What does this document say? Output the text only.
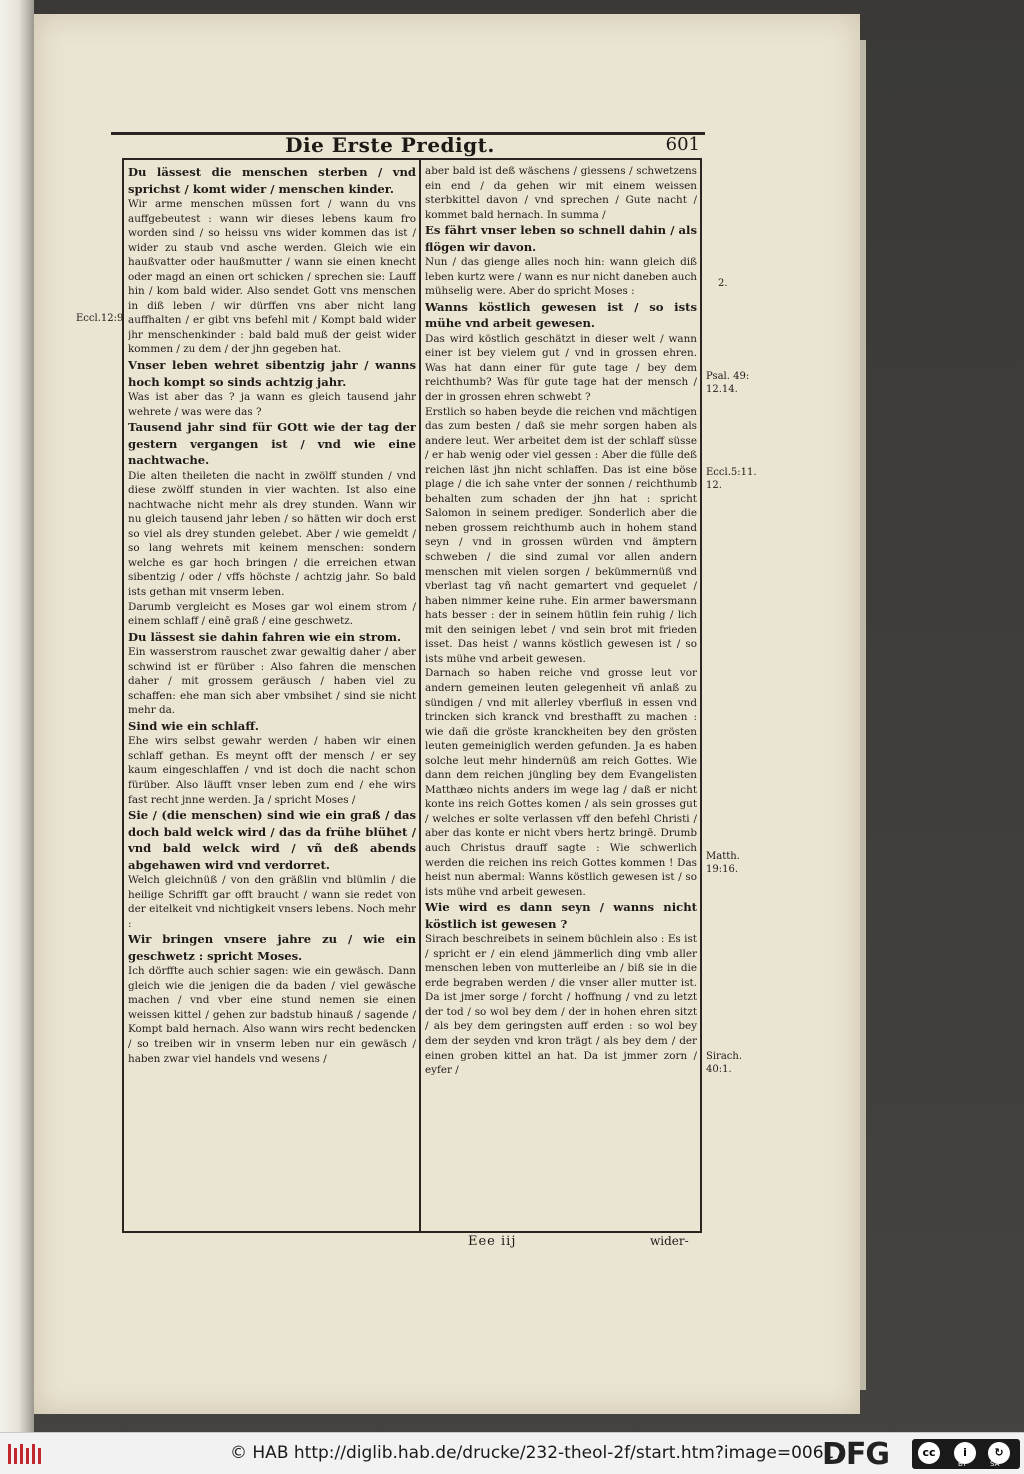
Die Erste Predigt.	601

Du lässest die menschen sterben / vnd sprichst / komt wider / menschen kinder.

Wir arme menschen müssen fort / wann du vns auffgebeutest : wann wir dieses lebens kaum fro worden sind / so heissu vns wider kommen das ist / wider zu staub vnd asche werden. Gleich wie ein haußvatter oder haußmutter / wann sie einen knecht oder magd an einen ort schicken / sprechen sie: Lauff hin / kom bald wider. Also sendet Gott vns menschen in diß leben / wir dürffen vns aber nicht lang auffhalten / er gibt vns befehl mit / Kompt bald wider jhr menschenkinder : bald bald muß der geist wider kommen / zu dem / der jhn gegeben hat.

Vnser leben wehret sibentzig jahr / wanns hoch kompt so sinds achtzig jahr.

Was ist aber das ? ja wann es gleich tausend jahr wehrete / was were das ?

Tausend jahr sind für GOtt wie der tag der gestern vergangen ist / vnd wie eine nachtwache.

Die alten theileten die nacht in zwölff stunden / vnd diese zwölff stunden in vier wachten. Ist also eine nachtwache nicht mehr als drey stunden. Wann wir nu gleich tausend jahr leben / so hätten wir doch erst so viel als drey stunden gelebet. Aber / wie gemeldt / so lang wehrets mit keinem menschen: sondern welche es gar hoch bringen / die erreichen etwan sibentzig / oder / vffs höchste / achtzig jahr. So bald ists gethan mit vnserm leben.

Darumb vergleicht es Moses gar wol einem strom / einem schlaff / einē graß / eine geschwetz.

Du lässest sie dahin fahren wie ein strom.

Ein wasserstrom rauschet zwar gewaltig daher / aber schwind ist er fürüber : Also fahren die menschen daher / mit grossem geräusch / haben viel zu schaffen: ehe man sich aber vmbsihet / sind sie nicht mehr da.

Sind wie ein schlaff.

Ehe wirs selbst gewahr werden / haben wir einen schlaff gethan. Es meynt offt der mensch / er sey kaum eingeschlaffen / vnd ist doch die nacht schon fürüber. Also läufft vnser leben zum end / ehe wirs fast recht jnne werden. Ja / spricht Moses /

Sie / (die menschen) sind wie ein graß / das doch bald welck wird / das da frühe blühet / vnd bald welck wird / vñ deß abends abgehawen wird vnd verdorret.

Welch gleichnüß / von den gräßlin vnd blümlin / die heilige Schrifft gar offt braucht / wann sie redet von der eitelkeit vnd nichtigkeit vnsers lebens. Noch mehr :

Wir bringen vnsere jahre zu / wie ein geschwetz : spricht Moses.

Ich dörffte auch schier sagen: wie ein gewäsch. Dann gleich wie die jenigen die da baden / viel gewäsche machen / vnd vber eine stund nemen sie einen weissen kittel / gehen zur badstub hinauß / sagende / Kompt bald hernach. Also wann wirs recht bedencken / so treiben wir in vnserm leben nur ein gewäsch / haben zwar viel handels vnd wesens /

aber bald ist deß wäschens / giessens / schwetzens ein end / da gehen wir mit einem weissen sterbkittel davon / vnd sprechen / Gute nacht / kommet bald hernach. In summa /

Es fährt vnser leben so schnell dahin / als flögen wir davon.

Nun / das gienge alles noch hin: wann gleich diß leben kurtz were / wann es nur nicht daneben auch mühselig were. Aber do spricht Moses :

Wanns köstlich gewesen ist / so ists mühe vnd arbeit gewesen.

Das wird köstlich geschätzt in dieser welt / wann einer ist bey vielem gut / vnd in grossen ehren. Was hat dann einer für gute tage / bey dem reichthumb? Was für gute tage hat der mensch / der in grossen ehren schwebt ?

Erstlich so haben beyde die reichen vnd mächtigen das zum besten / daß sie mehr sorgen haben als andere leut. Wer arbeitet dem ist der schlaff süsse / er hab wenig oder viel gessen : Aber die fülle deß reichen läst jhn nicht schlaffen. Das ist eine böse plage / die ich sahe vnter der sonnen / reichthumb behalten zum schaden der jhn hat : spricht Salomon in seinem prediger. Sonderlich aber die neben grossem reichthumb auch in hohem stand seyn / vnd in grossen würden vnd ämptern schweben / die sind zumal vor allen andern menschen mit vielen sorgen / bekümmernüß vnd vberlast tag vñ nacht gemartert vnd gequelet / haben nimmer keine ruhe. Ein armer bawersmann hats besser : der in seinem hütlin fein ruhig / lich mit den seinigen lebet / vnd sein brot mit frieden isset. Das heist / wanns köstlich gewesen ist / so ists mühe vnd arbeit gewesen.

Darnach so haben reiche vnd grosse leut vor andern gemeinen leuten gelegenheit vñ anlaß zu sündigen / vnd mit allerley vberfluß in essen vnd trincken sich kranck vnd bresthafft zu machen : wie dañ die gröste kranckheiten bey den grösten leuten gemeiniglich werden gefunden. Ja es haben solche leut mehr hindernüß am reich Gottes. Wie dann dem reichen jüngling bey dem Evangelisten Matthæo nichts anders im wege lag / daß er nicht konte ins reich Gottes komen / als sein grosses gut / welches er solte verlassen vff den befehl Christi / aber das konte er nicht vbers hertz bringē. Drumb auch Christus drauff sagte : Wie schwerlich werden die reichen ins reich Gottes kommen ! Das heist nun abermal: Wanns köstlich gewesen ist / so ists mühe vnd arbeit gewesen.

Wie wird es dann seyn / wanns nicht köstlich ist gewesen ?

Sirach beschreibets in seinem büchlein also : Es ist / spricht er / ein elend jämmerlich ding vmb aller menschen leben von mutterleibe an / biß sie in die erde begraben werden / die vnser aller mutter ist. Da ist jmer sorge / forcht / hoffnung / vnd zu letzt der tod / so wol bey dem / der in hohen ehren sitzt / als bey dem geringsten auff erden : so wol bey dem der seyden vnd kron trägt / als bey dem / der einen groben kittel an hat. Da ist jmmer zorn / eyfer /

Eccl.12:9
2.
Psal. 49: 12.14.
Eccl.5:11. 12.
Matth. 19:16.
Sirach. 40:1.
Eee iij	wider-
© HAB http://diglib.hab.de/drucke/232-theol-2f/start.htm?image=00617
DFG	cc	i	↻
BY	SA
